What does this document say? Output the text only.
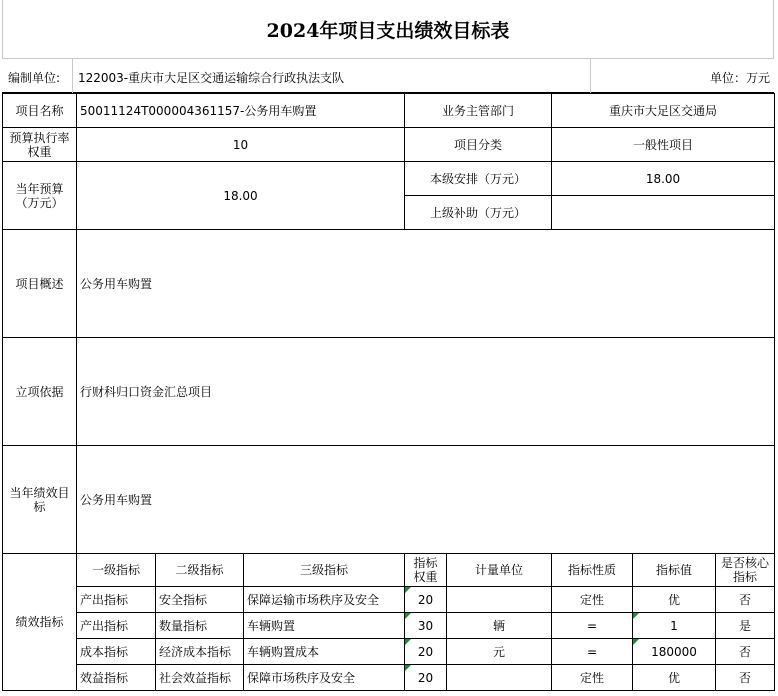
2024年项目支出绩效目标表
编制单位: 122003-重庆市大足区交通运输综合行政执法支队	单位：万元
项目名称	50011124T000004361157-公务用车购置			业务主管部门		重庆市大足区交通局		
预算执行率权重	10			项目分类		一般性项目		
当年预算（万元）	18.00			本级安排（万元）		18.00		
				上级补助（万元）				
项目概述	公务用车购置							
立项依据	行财科归口资金汇总项目							
当年绩效目标	公务用车购置							
绩效指标	一级指标	二级指标	三级指标	指标权重	计量单位	指标性质	指标值	是否核心指标
	产出指标	安全指标	保障运输市场秩序及安全	20		定性	优	否
	产出指标	数量指标	车辆购置	30	辆	=	1	是
	成本指标	经济成本指标	车辆购置成本	20	元	=	180000	否
	效益指标	社会效益指标	保障市场秩序及安全	20		定性	优	否
